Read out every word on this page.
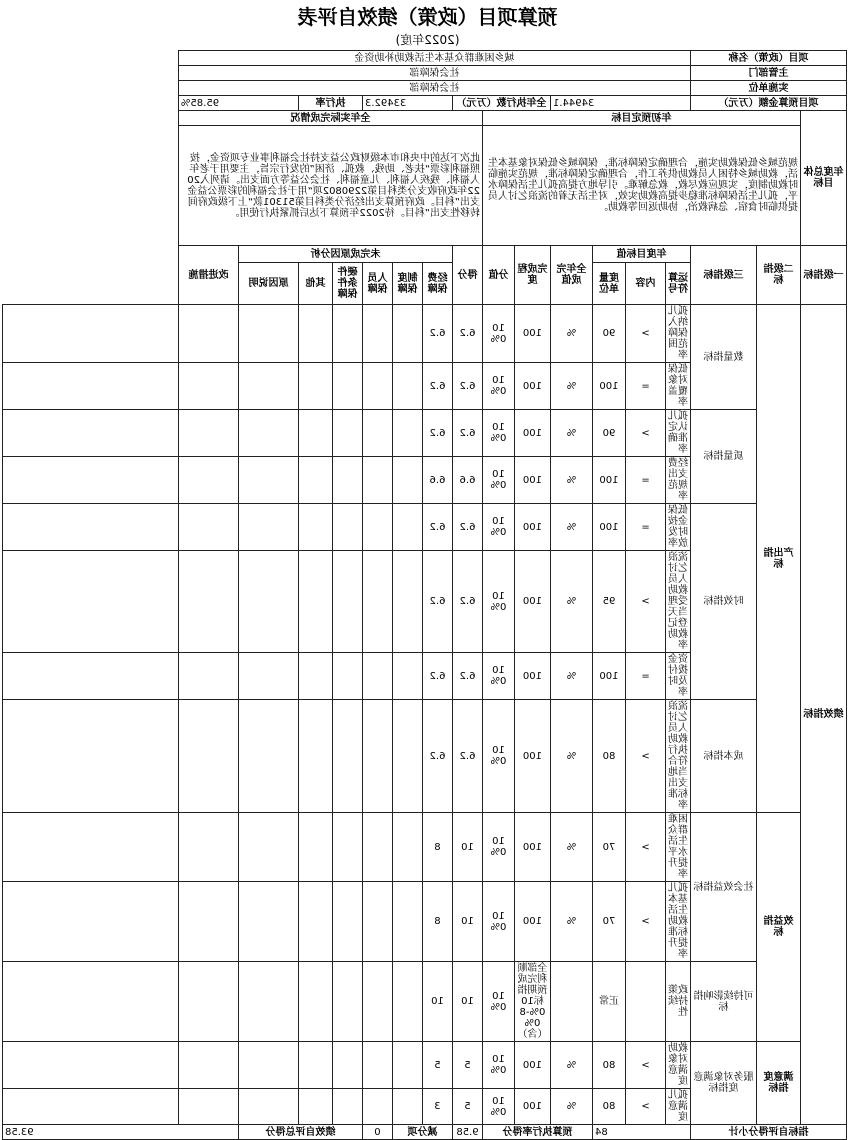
预算项目（政策）绩效自评表
(2022年度)
项目（政策）名称			城乡困难群众基本生活救助补助资金														
主管部门			社会保障部														
实施单位			社会保障部														
项目预算金额（万元）			34944.1				全年执行数（万元）			33492.3			执行率		95.85%		
年度总体目标	年初预定目标								全年实际完成情况								
	规范城乡低保救助实施，合理确定保障标准，保障城乡低保对象基本生活，救助城乡特困人员救助供养工作，合理确定保障标准，规范实施临时救助制度，实现应救尽救，救急解难。引导地方提高孤儿生活保障水平，孤儿生活保障标准稳步提高救助实效，对生活无着的流浪乞讨人员提供临时食宿、急病救治，协助返回等救助。								此次下达的中央和市本级财政公益支持社会福利事业专项资金，按照福利彩票“扶老、助残、救孤、济困”的发行宗旨，主要用于老年人福利、残疾人福利、儿童福利、社会公益等方面支出。请列入2022年政府收支分类科目第2290802项“用于社会福利的彩票公益金支出”科目。政府预算支出经济分类科目第51301款“上下级政府间转移性支出”科目。待2022年预算下达后抓紧执行使用。								
一级指标	二级指标	三级指标	年度目标值			全年完成值	完成程度	分值	得分	未完成原因分析						改进措施	
			运算符号	内容	度量单位					经费保障	制度保障	人员保障	硬件条件保障	其他	原因说明		
绩效指标	产出指标	数量指标	孤儿纳入保障范围率	>	90	%	100	100%	6.2	6.2							
			低保对象覆盖率	=	100	%	100	100%	6.2	6.2							
		质量指标	孤儿认定准确率	>	90	%	100	100%	6.2	6.2							
			经费支出规范率	=	100	%	100	100%	6.6	6.6							
		时效指标	低保金按时发放率	=	100	%	100	100%	6.2	6.2							
			流浪乞讨人员救助受理当天登记救助率	>	95	%	100	100%	6.2	6.2							
			资金拨付及时率	=	100	%	100	100%	6.2	6.2							
		成本指标	流浪乞讨人员救助执行符合当地支出标准率	>	80	%	100	100%	6.2	6.2							
	效益指标	社会效益指标	困难群众生活水平提升率	>	70	%	100	100%	10	8							
			孤儿基本生活救助标准提升率	>	70	%	100	100%	10	8							
		可持续影响指标	政策持续性		正常		全部顺利完成预期指标100%-80%（含）	100%	10	10							
	满意度指标	服务对象满意度指标	救助对象满意度	>	80	%	100	100%	5	5							
			孤儿满意度	>	80	%	100	100%	5	3							
指标自评得分小计			84			预算执行率得分			9.58	减分项		0	绩效自评总得分			93.58	
